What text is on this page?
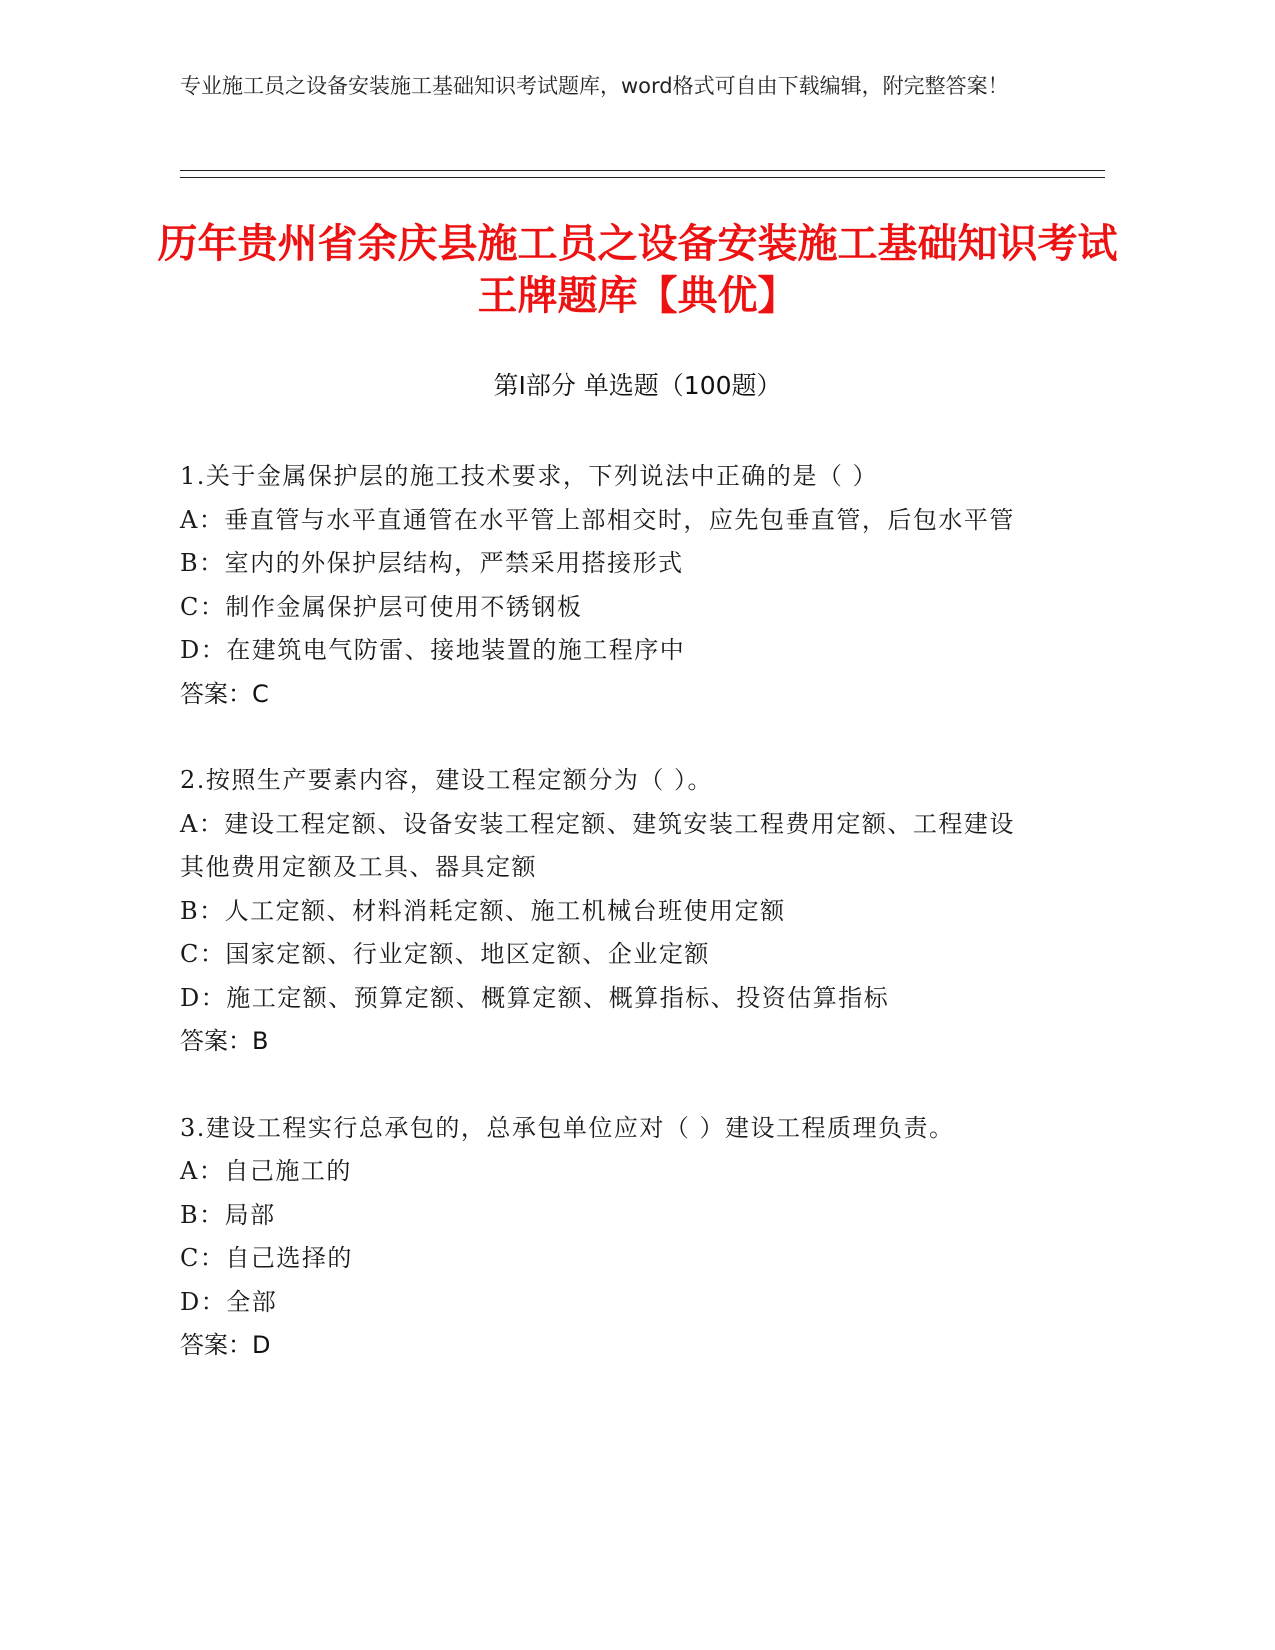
专业施工员之设备安装施工基础知识考试题库，word格式可自由下载编辑，附完整答案！
历年贵州省余庆县施工员之设备安装施工基础知识考试王牌题库【典优】
第I部分 单选题（100题）
1.关于金属保护层的施工技术要求，下列说法中正确的是（ ）
A：垂直管与水平直通管在水平管上部相交时，应先包垂直管，后包水平管
B：室内的外保护层结构，严禁采用搭接形式
C：制作金属保护层可使用不锈钢板
D：在建筑电气防雷、接地装置的施工程序中
答案：C
2.按照生产要素内容，建设工程定额分为（ ）。
A：建设工程定额、设备安装工程定额、建筑安装工程费用定额、工程建设其他费用定额及工具、器具定额
B：人工定额、材料消耗定额、施工机械台班使用定额
C：国家定额、行业定额、地区定额、企业定额
D：施工定额、预算定额、概算定额、概算指标、投资估算指标
答案：B
3.建设工程实行总承包的，总承包单位应对（ ）建设工程质理负责。
A：自己施工的
B：局部
C：自己选择的
D：全部
答案：D
